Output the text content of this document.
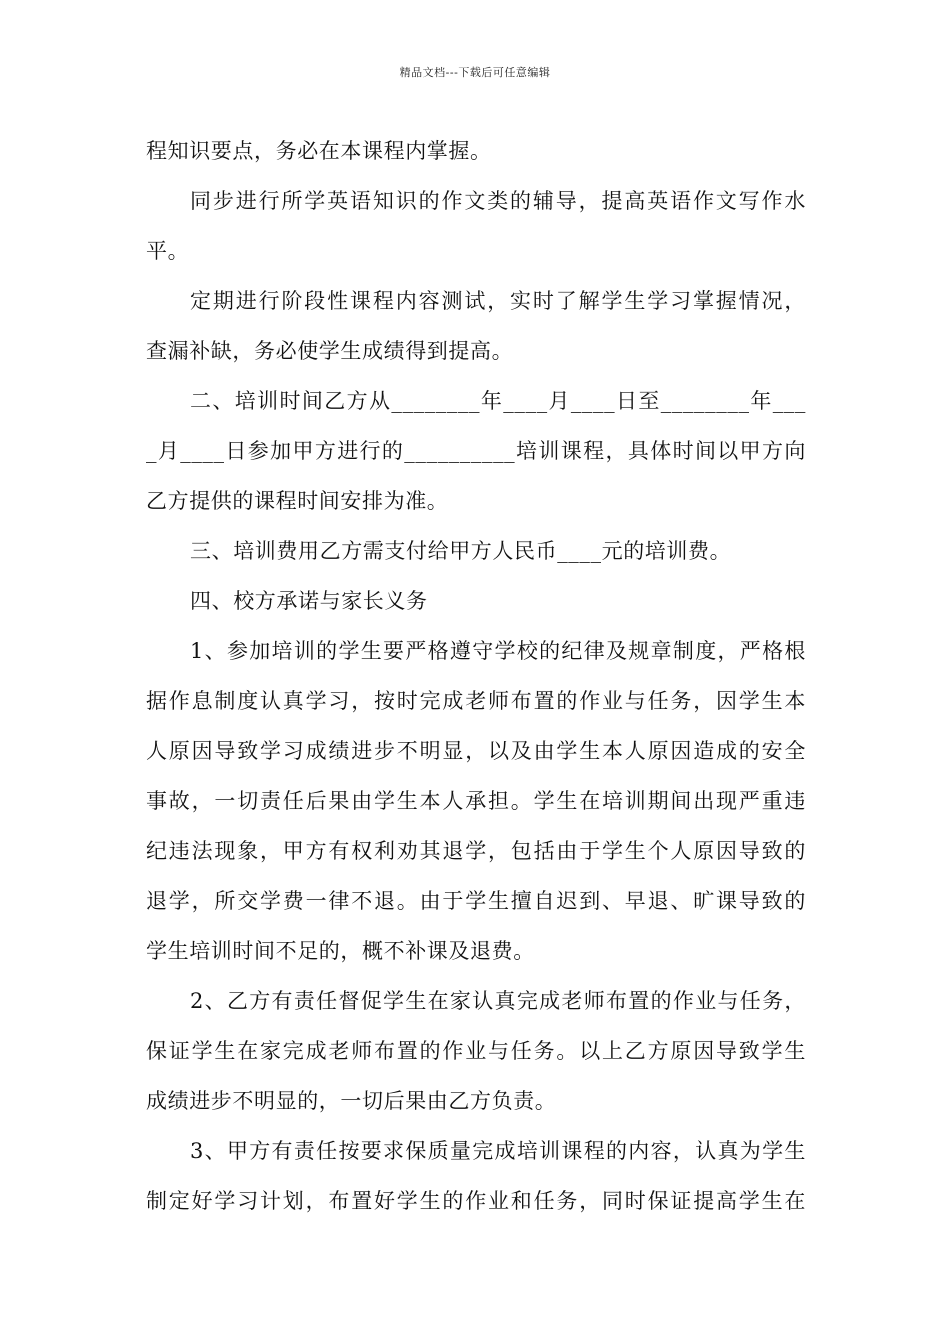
精品文档---下载后可任意编辑
程知识要点，务必在本课程内掌握。
同步进行所学英语知识的作文类的辅导，提高英语作文写作水
平。
定期进行阶段性课程内容测试，实时了解学生学习掌握情况，
查漏补缺，务必使学生成绩得到提高。
二、培训时间乙方从________年____月____日至________年___
_月____日参加甲方进行的__________培训课程，具体时间以甲方向
乙方提供的课程时间安排为准。
三、培训费用乙方需支付给甲方人民币____元的培训费。
四、校方承诺与家长义务
1、参加培训的学生要严格遵守学校的纪律及规章制度，严格根
据作息制度认真学习，按时完成老师布置的作业与任务，因学生本
人原因导致学习成绩进步不明显，以及由学生本人原因造成的安全
事故，一切责任后果由学生本人承担。学生在培训期间出现严重违
纪违法现象，甲方有权利劝其退学，包括由于学生个人原因导致的
退学，所交学费一律不退。由于学生擅自迟到、早退、旷课导致的
学生培训时间不足的，概不补课及退费。
2、乙方有责任督促学生在家认真完成老师布置的作业与任务，
保证学生在家完成老师布置的作业与任务。以上乙方原因导致学生
成绩进步不明显的，一切后果由乙方负责。
3、甲方有责任按要求保质量完成培训课程的内容，认真为学生
制定好学习计划，布置好学生的作业和任务，同时保证提高学生在
